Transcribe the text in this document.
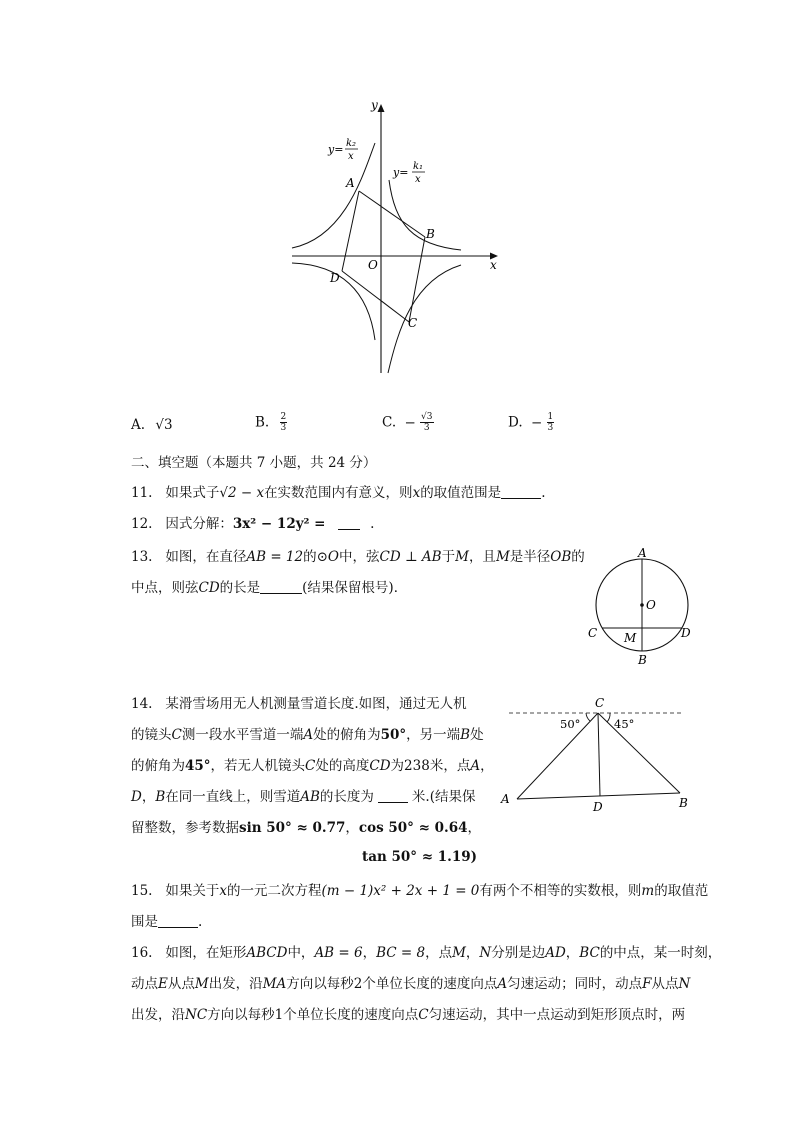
y
x
O
A
B
C
D
y= k₂
x
y= k₁
x
A. √3	B. $\frac{2}{3}$	C. − $\frac{√3}{3}$	D. − $\frac{1}{3}$
二、填空题（本题共 7 小题，共 24 分）
11. 如果式子√2 − x在实数范围内有意义，则x的取值范围是	.
12. 因式分解：3x² − 12y² =	.
13. 如图，在直径AB = 12的⊙O中，弦CD ⊥ AB于M，且M是半径OB的
中点，则弦CD的长是	(结果保留根号)．
A
O
C M	D
B
14. 某滑雪场用无人机测量雪道长度.如图，通过无人机
的镜头C测一段水平雪道一端A处的俯角为50°，另一端B处
的俯角为45°，若无人机镜头C处的高度CD为238米，点A，
D，B在同一直线上，则雪道AB的长度为	米.(结果保
留整数，参考数据sin 50° ≈ 0.77，cos 50° ≈ 0.64，
tan 50° ≈ 1.19)
C
50°	45°
A
D	B
15. 如果关于x的一元二次方程(m − 1)x² + 2x + 1 = 0有两个不相等的实数根，则m的取值范
围是	.
16. 如图，在矩形ABCD中，AB = 6，BC = 8，点M，N分别是边AD，BC的中点，某一时刻，
动点E从点M出发，沿MA方向以每秒2个单位长度的速度向点A匀速运动；同时，动点F从点N
出发，沿NC方向以每秒1个单位长度的速度向点C匀速运动，其中一点运动到矩形顶点时，两
